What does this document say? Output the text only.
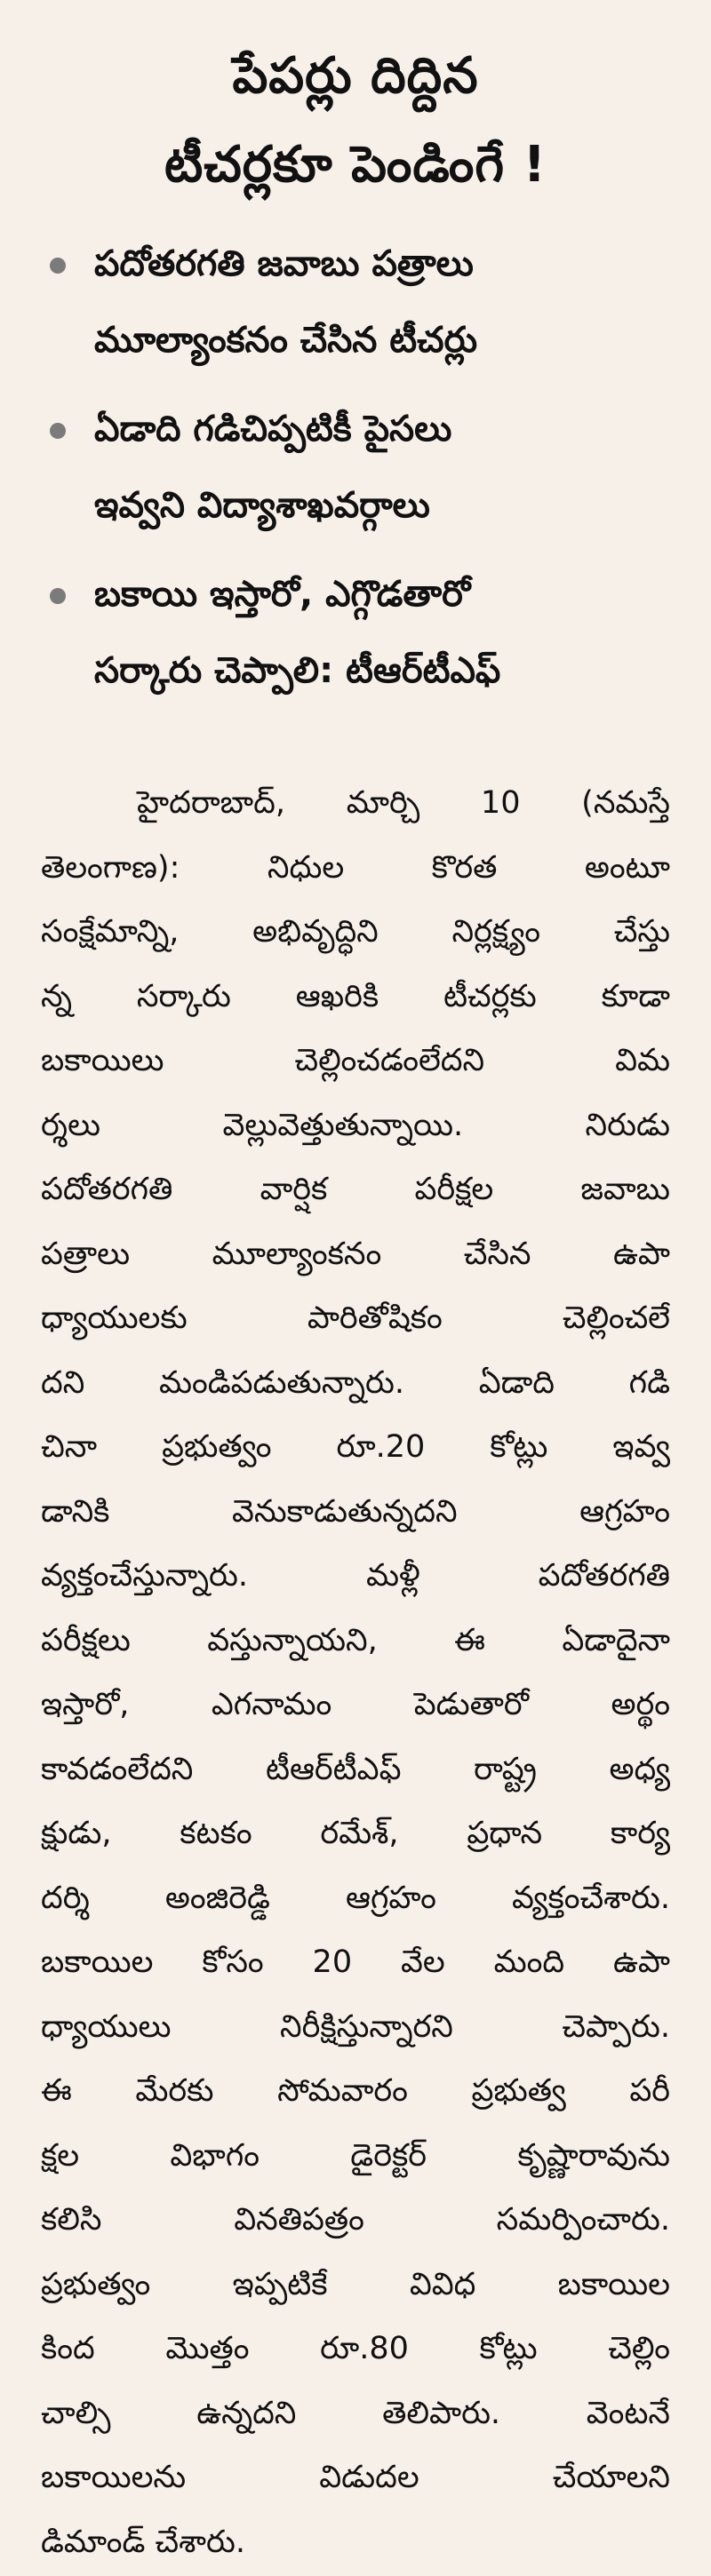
పేపర్లు దిద్దిన
టీచర్లకూ పెండింగే !
పదోతరగతి జవాబు పత్రాలు
మూల్యాంకనం చేసిన టీచర్లు
ఏడాది గడిచిప్పటికీ పైసలు
ఇవ్వని విద్యాశాఖవర్గాలు
బకాయి ఇస్తారో, ఎగ్గొడతారో
సర్కారు చెప్పాలి: టీఆర్‌టీఎఫ్
హైదరాబాద్, మార్చి 10 (నమస్తే
తెలంగాణ): నిధుల కొరత అంటూ
సంక్షేమాన్ని, అభివృద్ధిని నిర్లక్ష్యం చేస్తు
న్న సర్కారు ఆఖరికి టీచర్లకు కూడా
బకాయిలు చెల్లించడంలేదని విమ
ర్శలు వెల్లువెత్తుతున్నాయి. నిరుడు
పదోతరగతి వార్షిక పరీక్షల జవాబు
పత్రాలు మూల్యాంకనం చేసిన ఉపా
ధ్యాయులకు పారితోషికం చెల్లించలే
దని మండిపడుతున్నారు. ఏడాది గడి
చినా ప్రభుత్వం రూ.20 కోట్లు ఇవ్వ
డానికి వెనుకాడుతున్నదని ఆగ్రహం
వ్యక్తంచేస్తున్నారు. మళ్లీ పదోతరగతి
పరీక్షలు వస్తున్నాయని, ఈ ఏడాదైనా
ఇస్తారో, ఎగనామం పెడుతారో అర్థం
కావడంలేదని టీఆర్‌టీఎఫ్ రాష్ట్ర అధ్య
క్షుడు, కటకం రమేశ్, ప్రధాన కార్య
దర్శి అంజిరెడ్డి ఆగ్రహం వ్యక్తంచేశారు.
బకాయిల కోసం 20 వేల మంది ఉపా
ధ్యాయులు నిరీక్షిస్తున్నారని చెప్పారు.
ఈ మేరకు సోమవారం ప్రభుత్వ పరీ
క్షల విభాగం డైరెక్టర్ కృష్ణారావును
కలిసి వినతిపత్రం సమర్పించారు.
ప్రభుత్వం ఇప్పటికే వివిధ బకాయిల
కింద మొత్తం రూ.80 కోట్లు చెల్లిం
చాల్సి ఉన్నదని తెలిపారు. వెంటనే
బకాయిలను విడుదల చేయాలని
డిమాండ్ చేశారు.
